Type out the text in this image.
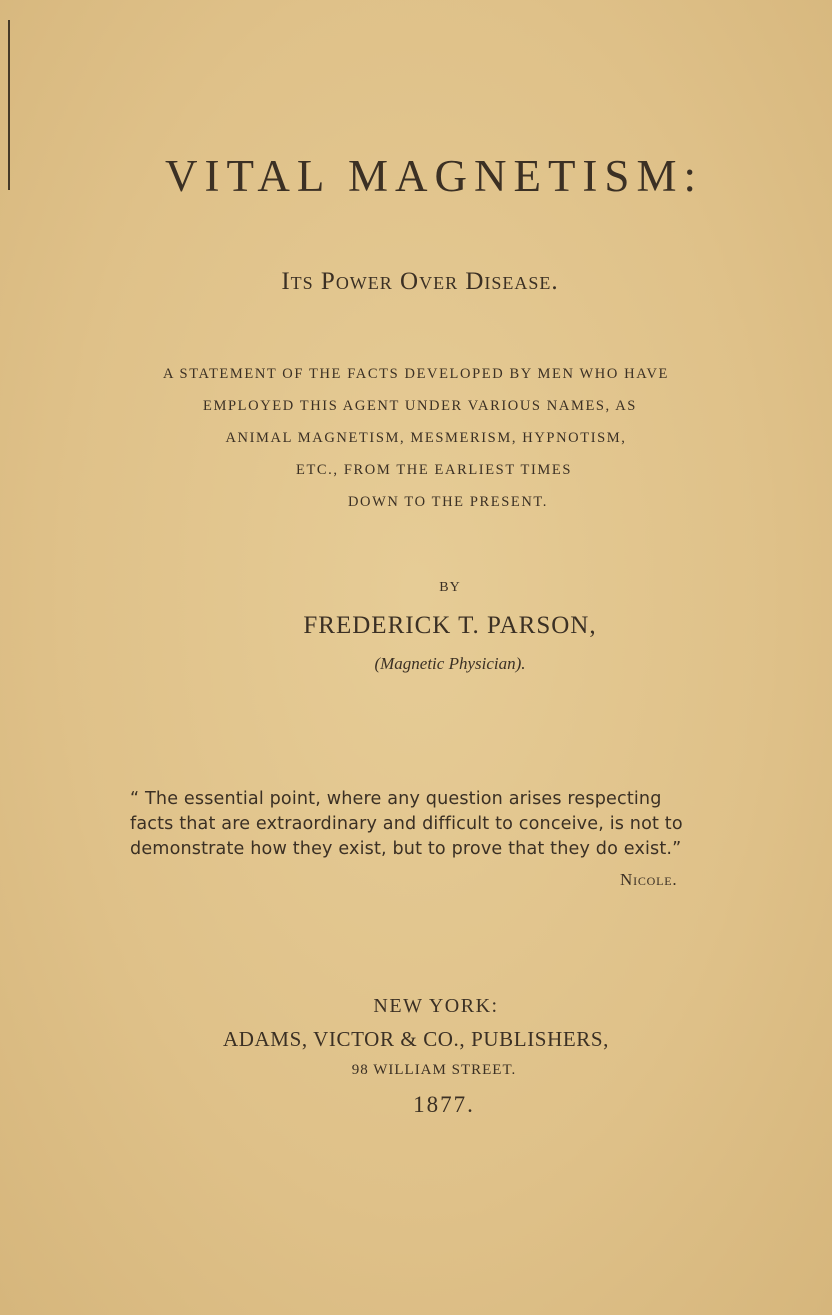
VITAL MAGNETISM:
Its Power Over Disease.
A STATEMENT OF THE FACTS DEVELOPED BY MEN WHO HAVE
EMPLOYED THIS AGENT UNDER VARIOUS NAMES, AS
ANIMAL MAGNETISM, MESMERISM, HYPNOTISM,
ETC., FROM THE EARLIEST TIMES
DOWN TO THE PRESENT.
BY
FREDERICK T. PARSON,
(Magnetic Physician).
“ The essential point, where any question arises respecting
facts that are extraordinary and difficult to conceive, is not to
demonstrate how they exist, but to prove that they do exist.”
Nicole.
NEW YORK:
ADAMS, VICTOR & CO., PUBLISHERS,
98 WILLIAM STREET.
1877.
